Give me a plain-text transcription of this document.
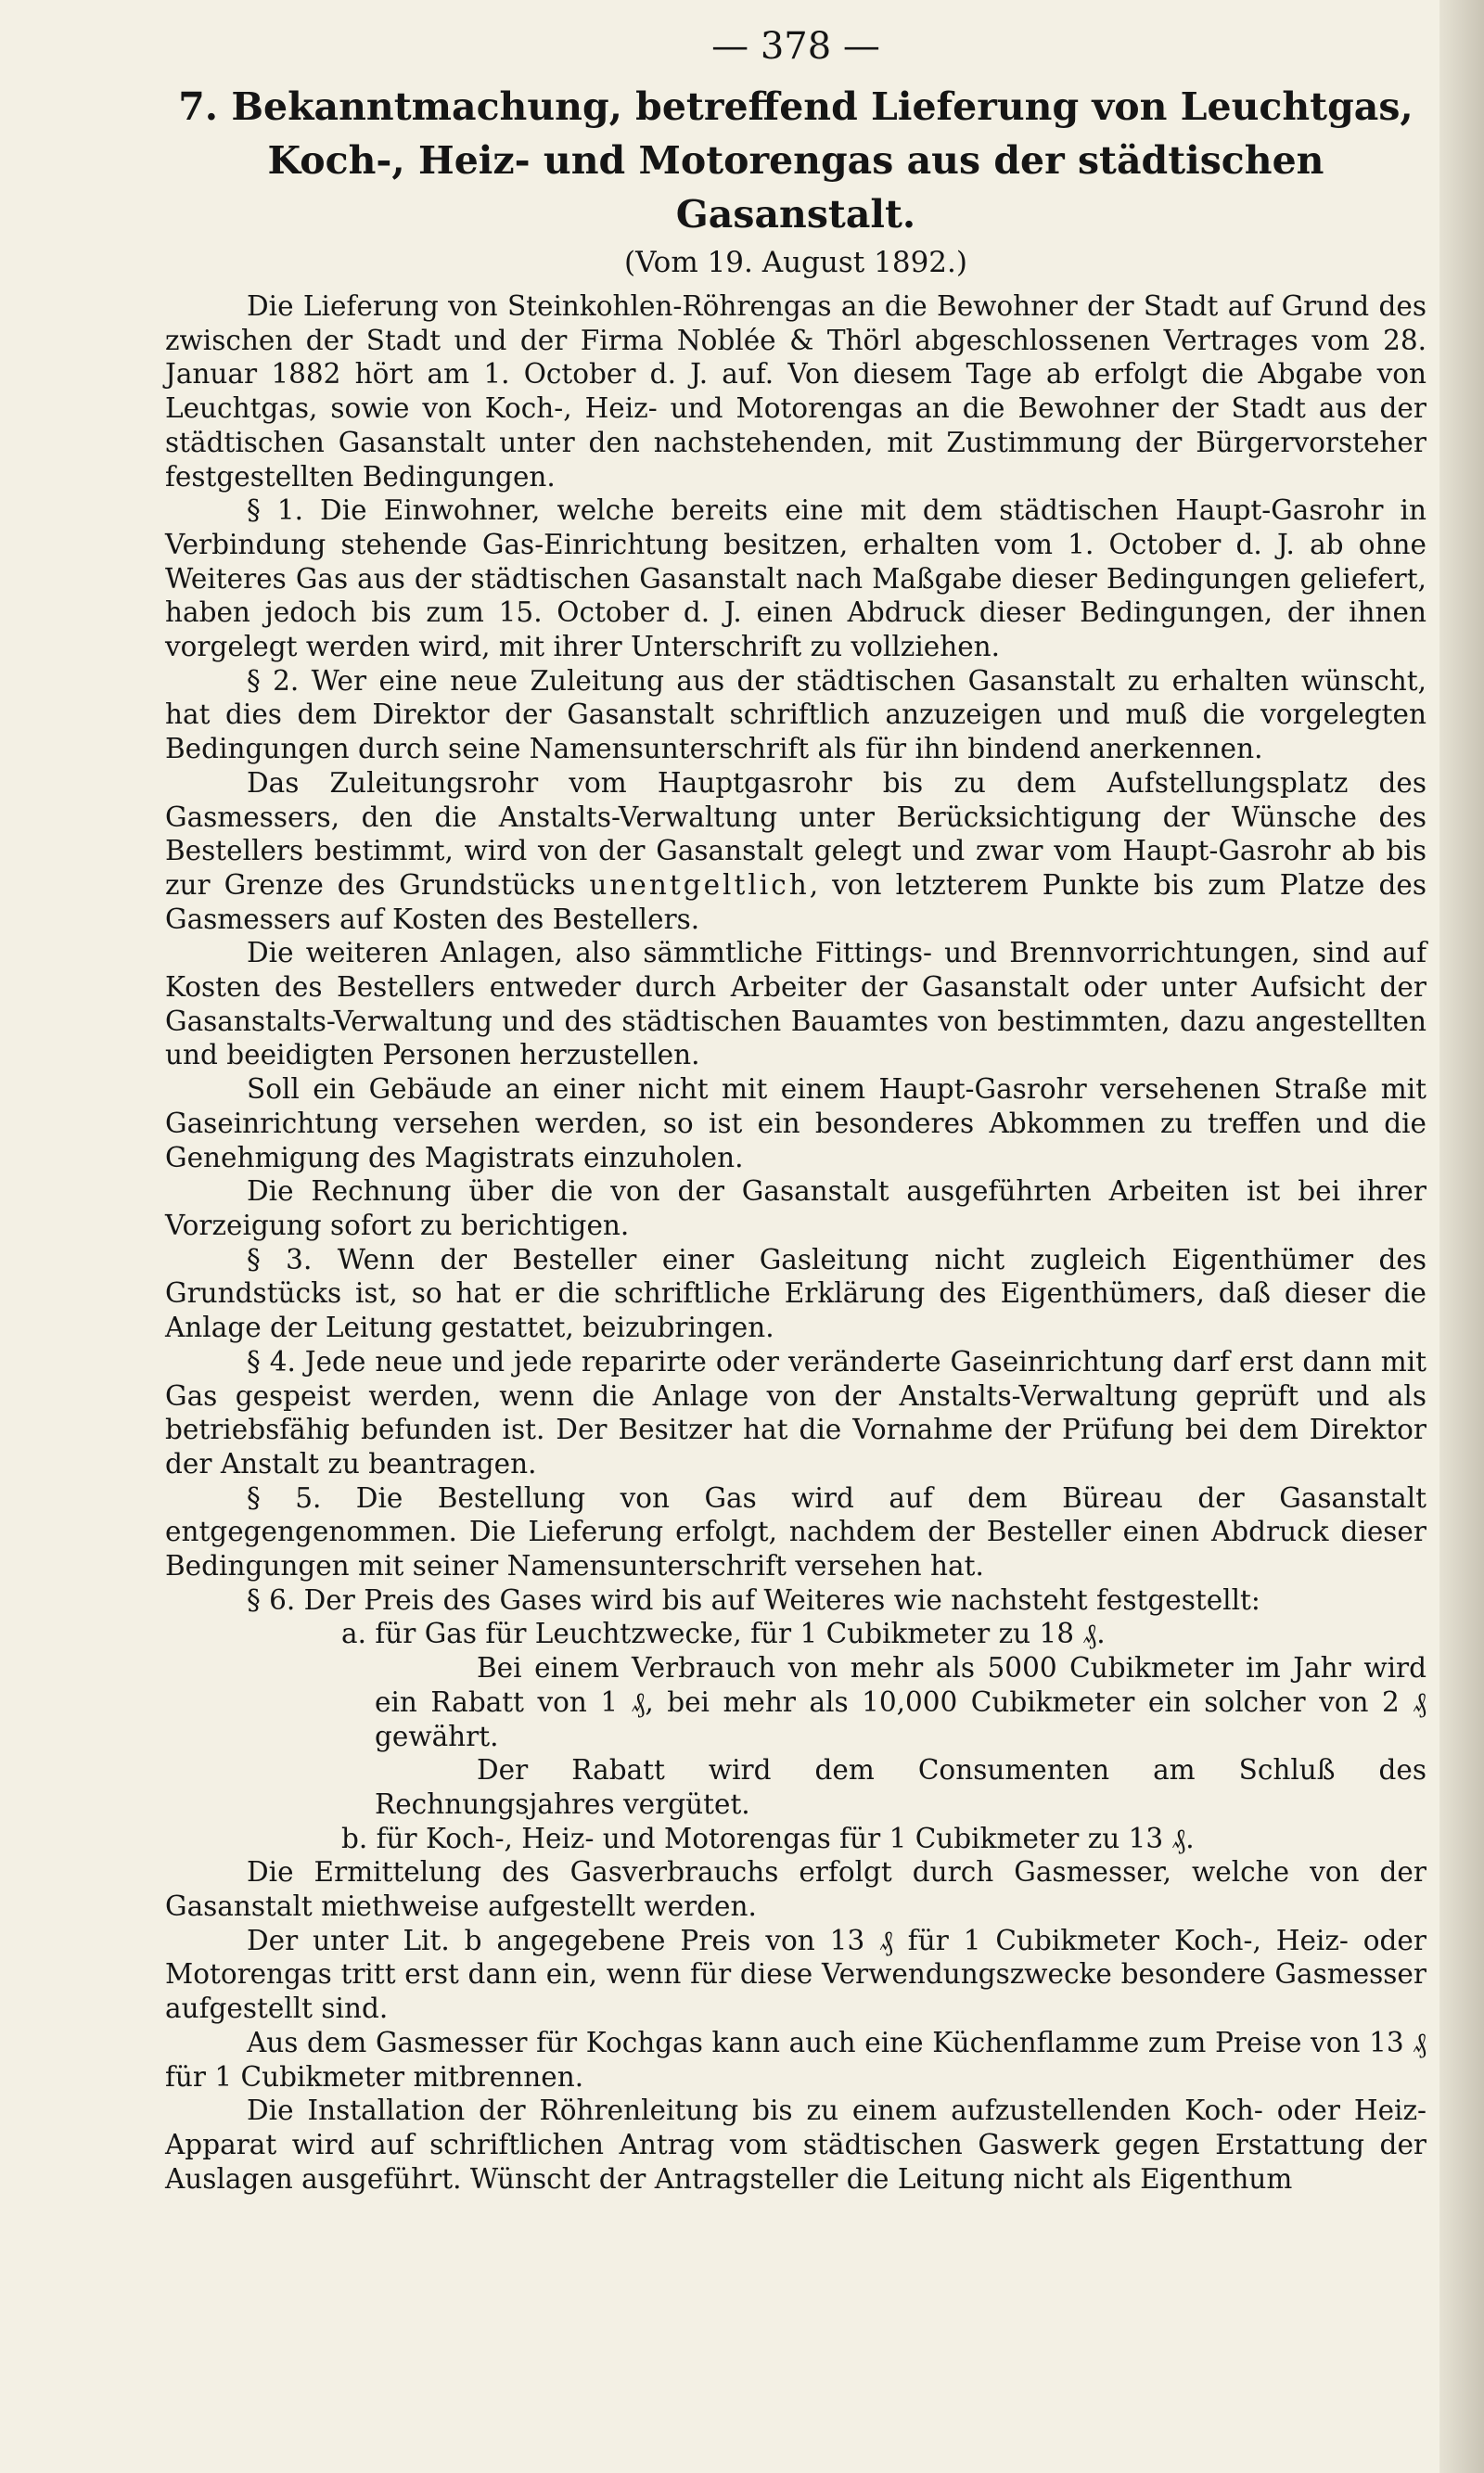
— 378 —
7. Bekanntmachung, betreffend Lieferung von Leuchtgas,
Koch-, Heiz- und Motorengas aus der städtischen Gasanstalt.
(Vom 19. August 1892.)

Die Lieferung von Steinkohlen-Röhrengas an die Bewohner der Stadt auf Grund des zwischen der Stadt und der Firma Noblée & Thörl abgeschlossenen Vertrages vom 28. Januar 1882 hört am 1. October d. J. auf. Von diesem Tage ab erfolgt die Abgabe von Leuchtgas, sowie von Koch-, Heiz- und Motorengas an die Bewohner der Stadt aus der städtischen Gasanstalt unter den nachstehenden, mit Zustimmung der Bürgervorsteher festgestellten Bedingungen.

§ 1. Die Einwohner, welche bereits eine mit dem städtischen Haupt-Gasrohr in Verbindung stehende Gas-Einrichtung besitzen, erhalten vom 1. October d. J. ab ohne Weiteres Gas aus der städtischen Gasanstalt nach Maßgabe dieser Bedingungen geliefert, haben jedoch bis zum 15. October d. J. einen Abdruck dieser Bedingungen, der ihnen vorgelegt werden wird, mit ihrer Unterschrift zu vollziehen.

§ 2. Wer eine neue Zuleitung aus der städtischen Gasanstalt zu erhalten wünscht, hat dies dem Direktor der Gasanstalt schriftlich anzuzeigen und muß die vorgelegten Bedingungen durch seine Namensunterschrift als für ihn bindend anerkennen.

Das Zuleitungsrohr vom Hauptgasrohr bis zu dem Aufstellungsplatz des Gasmessers, den die Anstalts-Verwaltung unter Berücksichtigung der Wünsche des Bestellers bestimmt, wird von der Gasanstalt gelegt und zwar vom Haupt-Gasrohr ab bis zur Grenze des Grundstücks unentgeltlich, von letzterem Punkte bis zum Platze des Gasmessers auf Kosten des Bestellers.

Die weiteren Anlagen, also sämmtliche Fittings- und Brennvorrichtungen, sind auf Kosten des Bestellers entweder durch Arbeiter der Gasanstalt oder unter Aufsicht der Gasanstalts-Verwaltung und des städtischen Bauamtes von bestimmten, dazu angestellten und beeidigten Personen herzustellen.

Soll ein Gebäude an einer nicht mit einem Haupt-Gasrohr versehenen Straße mit Gaseinrichtung versehen werden, so ist ein besonderes Abkommen zu treffen und die Genehmigung des Magistrats einzuholen.

Die Rechnung über die von der Gasanstalt ausgeführten Arbeiten ist bei ihrer Vorzeigung sofort zu berichtigen.

§ 3. Wenn der Besteller einer Gasleitung nicht zugleich Eigenthümer des Grundstücks ist, so hat er die schriftliche Erklärung des Eigenthümers, daß dieser die Anlage der Leitung gestattet, beizubringen.

§ 4. Jede neue und jede reparirte oder veränderte Gaseinrichtung darf erst dann mit Gas gespeist werden, wenn die Anlage von der Anstalts-Verwaltung geprüft und als betriebsfähig befunden ist. Der Besitzer hat die Vornahme der Prüfung bei dem Direktor der Anstalt zu beantragen.

§ 5. Die Bestellung von Gas wird auf dem Büreau der Gasanstalt entgegengenommen. Die Lieferung erfolgt, nachdem der Besteller einen Abdruck dieser Bedingungen mit seiner Namensunterschrift versehen hat.

§ 6. Der Preis des Gases wird bis auf Weiteres wie nachsteht festgestellt:

a. für Gas für Leuchtzwecke, für 1 Cubikmeter zu 18 ₰.

Bei einem Verbrauch von mehr als 5000 Cubikmeter im Jahr wird ein Rabatt von 1 ₰, bei mehr als 10,000 Cubikmeter ein solcher von 2 ₰ gewährt.

Der Rabatt wird dem Consumenten am Schluß des Rechnungsjahres vergütet.

b. für Koch-, Heiz- und Motorengas für 1 Cubikmeter zu 13 ₰.

Die Ermittelung des Gasverbrauchs erfolgt durch Gasmesser, welche von der Gasanstalt miethweise aufgestellt werden.

Der unter Lit. b angegebene Preis von 13 ₰ für 1 Cubikmeter Koch-, Heiz- oder Motorengas tritt erst dann ein, wenn für diese Verwendungszwecke besondere Gasmesser aufgestellt sind.

Aus dem Gasmesser für Kochgas kann auch eine Küchenflamme zum Preise von 13 ₰ für 1 Cubikmeter mitbrennen.

Die Installation der Röhrenleitung bis zu einem aufzustellenden Koch- oder Heiz-Apparat wird auf schriftlichen Antrag vom städtischen Gaswerk gegen Erstattung der Auslagen ausgeführt. Wünscht der Antragsteller die Leitung nicht als Eigenthum
